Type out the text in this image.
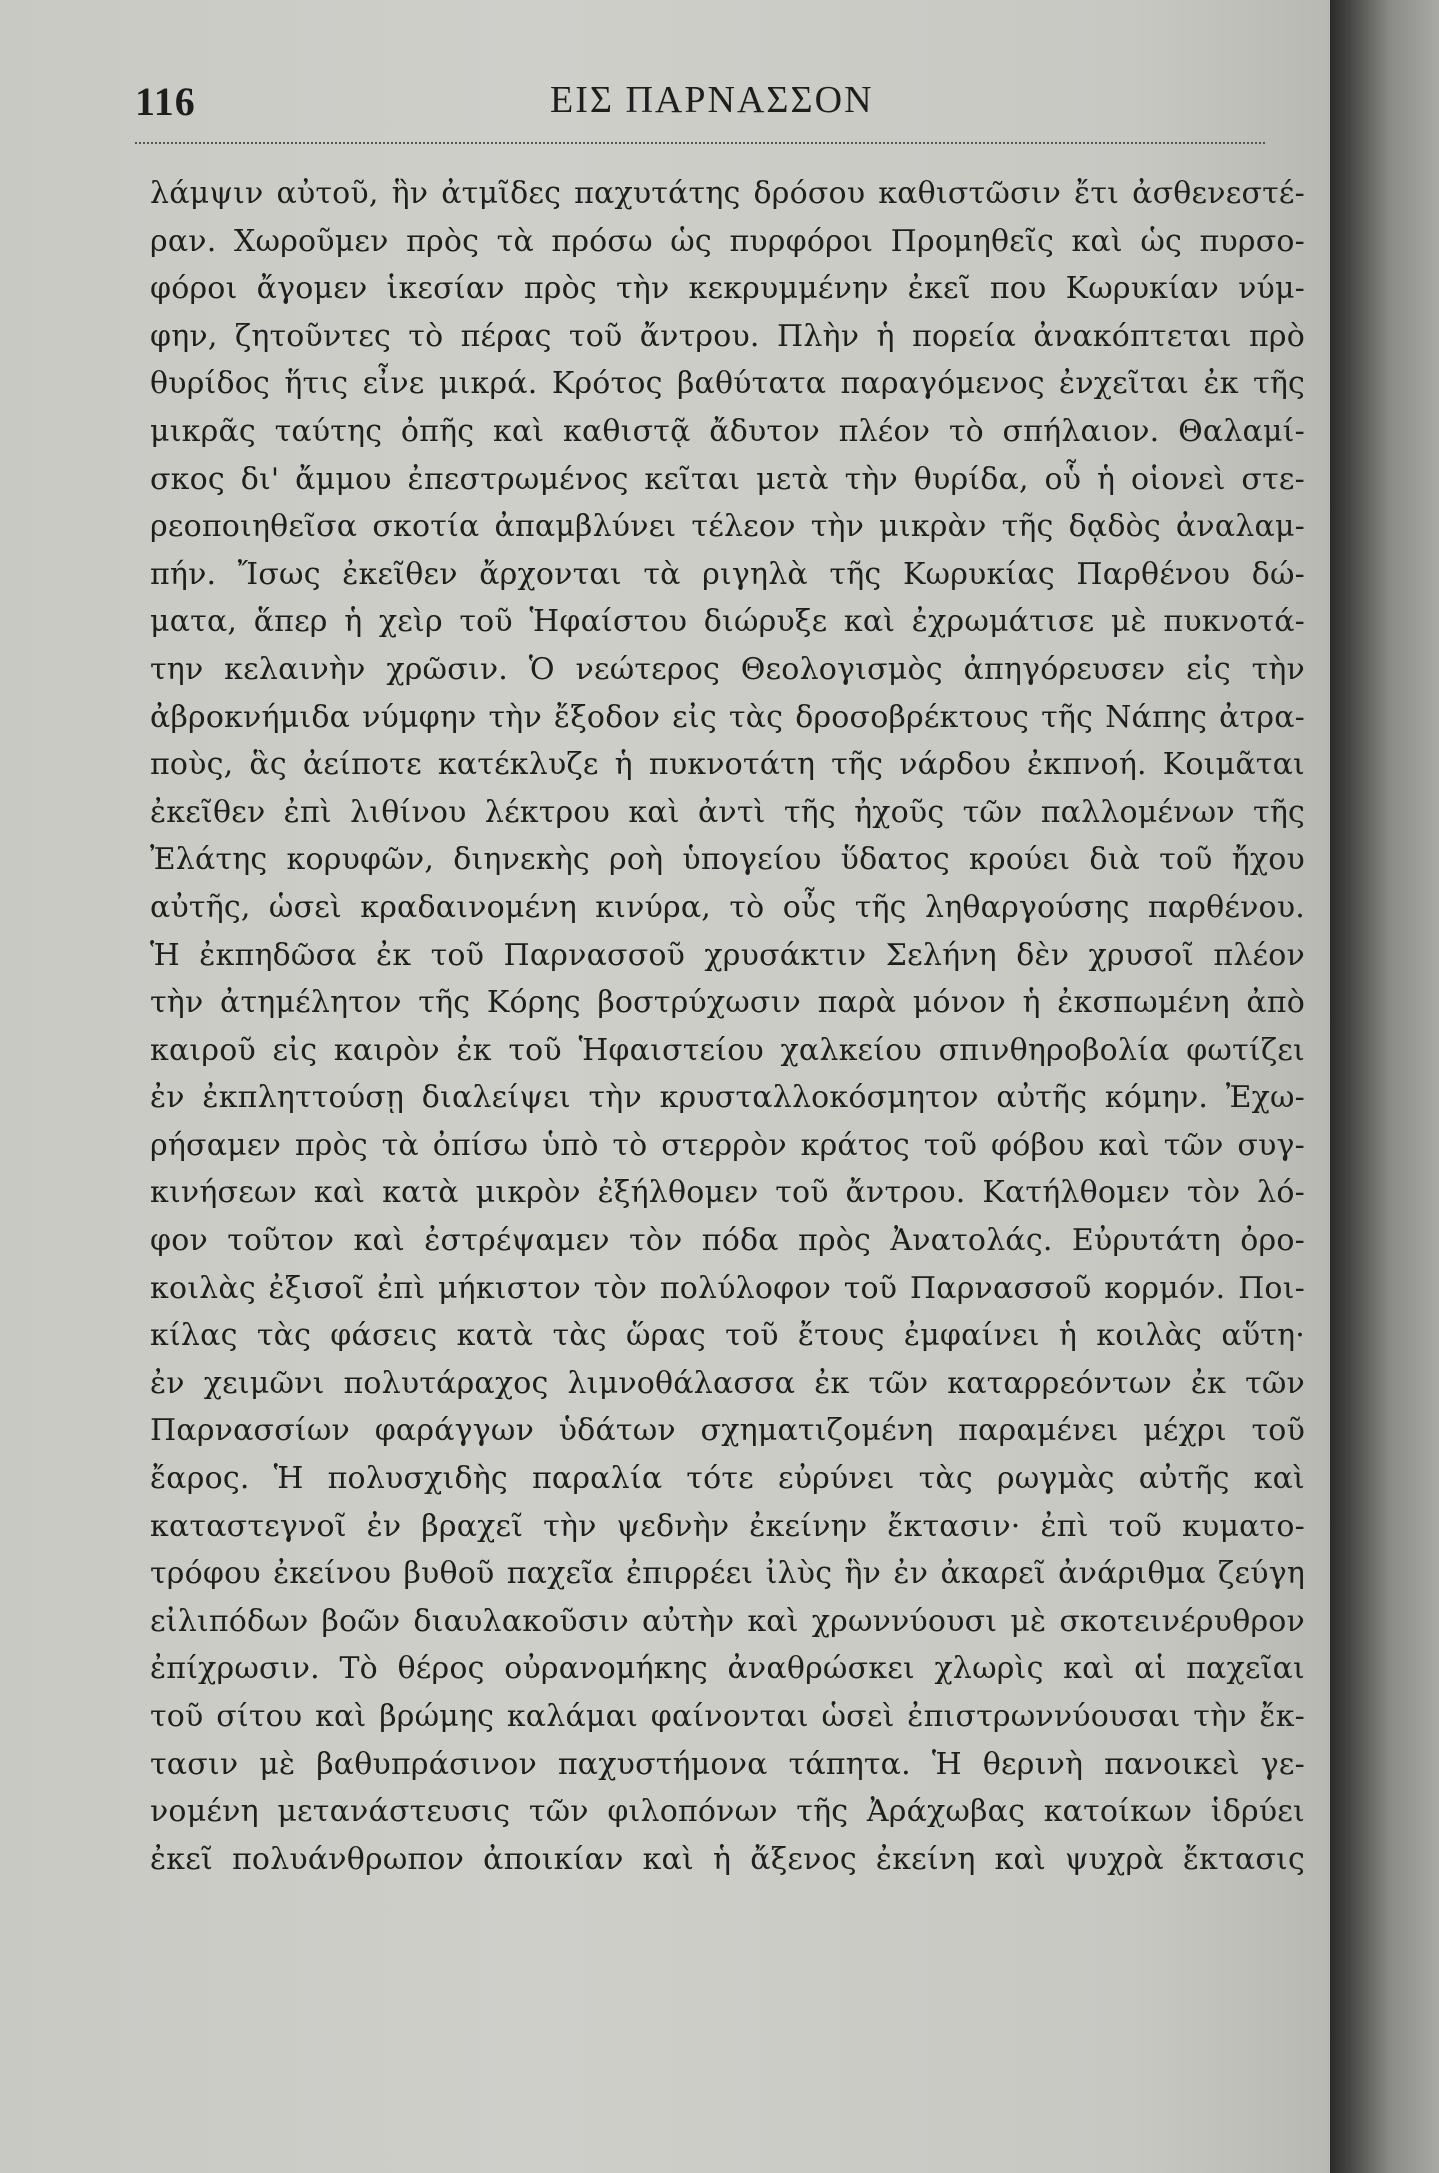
116	ΕΙΣ ΠΑΡΝΑΣΣΟΝ
λάμψιν αὐτοῦ, ἣν ἀτμῖδες παχυτάτης δρόσου καθιστῶσιν ἔτι ἀσθενεστέ-
ραν. Χωροῦμεν πρὸς τὰ πρόσω ὡς πυρφόροι Προμηθεῖς καὶ ὡς πυρσο-
φόροι ἄγομεν ἱκεσίαν πρὸς τὴν κεκρυμμένην ἐκεῖ που Κωρυκίαν νύμ-
φην, ζητοῦντες τὸ πέρας τοῦ ἄντρου. Πλὴν ἡ πορεία ἀνακόπτεται πρὸ
θυρίδος ἥτις εἶνε μικρά. Κρότος βαθύτατα παραγόμενος ἐνχεῖται ἐκ τῆς
μικρᾶς ταύτης ὀπῆς καὶ καθιστᾷ ἄδυτον πλέον τὸ σπήλαιον. Θαλαμί-
σκος δι' ἄμμου ἐπεστρωμένος κεῖται μετὰ τὴν θυρίδα, οὗ ἡ οἱονεὶ στε-
ρεοποιηθεῖσα σκοτία ἀπαμβλύνει τέλεον τὴν μικρὰν τῆς δᾳδὸς ἀναλαμ-
πήν. Ἴσως ἐκεῖθεν ἄρχονται τὰ ριγηλὰ τῆς Κωρυκίας Παρθένου δώ-
ματα, ἅπερ ἡ χεὶρ τοῦ Ἡφαίστου διώρυξε καὶ ἐχρωμάτισε μὲ πυκνοτά-
την κελαινὴν χρῶσιν. Ὁ νεώτερος Θεολογισμὸς ἀπηγόρευσεν εἰς τὴν
ἀβροκνήμιδα νύμφην τὴν ἔξοδον εἰς τὰς δροσοβρέκτους τῆς Νάπης ἀτρα-
ποὺς, ἃς ἀείποτε κατέκλυζε ἡ πυκνοτάτη τῆς νάρδου ἐκπνοή. Κοιμᾶται
ἐκεῖθεν ἐπὶ λιθίνου λέκτρου καὶ ἀντὶ τῆς ἠχοῦς τῶν παλλομένων τῆς
Ἐλάτης κορυφῶν, διηνεκὴς ροὴ ὑπογείου ὕδατος κρούει διὰ τοῦ ἤχου
αὐτῆς, ὡσεὶ κραδαινομένη κινύρα, τὸ οὖς τῆς ληθαργούσης παρθένου.
Ἡ ἐκπηδῶσα ἐκ τοῦ Παρνασσοῦ χρυσάκτιν Σελήνη δὲν χρυσοῖ πλέον
τὴν ἀτημέλητον τῆς Κόρης βοστρύχωσιν παρὰ μόνον ἡ ἐκσπωμένη ἀπὸ
καιροῦ εἰς καιρὸν ἐκ τοῦ Ἡφαιστείου χαλκείου σπινθηροβολία φωτίζει
ἐν ἐκπληττούσῃ διαλείψει τὴν κρυσταλλοκόσμητον αὐτῆς κόμην. Ἐχω-
ρήσαμεν πρὸς τὰ ὀπίσω ὑπὸ τὸ στερρὸν κράτος τοῦ φόβου καὶ τῶν συγ-
κινήσεων καὶ κατὰ μικρὸν ἐξήλθομεν τοῦ ἄντρου. Κατήλθομεν τὸν λό-
φον τοῦτον καὶ ἐστρέψαμεν τὸν πόδα πρὸς Ἀνατολάς. Εὐρυτάτη ὀρο-
κοιλὰς ἐξισοῖ ἐπὶ μήκιστον τὸν πολύλοφον τοῦ Παρνασσοῦ κορμόν. Ποι-
κίλας τὰς φάσεις κατὰ τὰς ὥρας τοῦ ἔτους ἐμφαίνει ἡ κοιλὰς αὕτη·
ἐν χειμῶνι πολυτάραχος λιμνοθάλασσα ἐκ τῶν καταρρεόντων ἐκ τῶν
Παρνασσίων φαράγγων ὑδάτων σχηματιζομένη παραμένει μέχρι τοῦ
ἔαρος. Ἡ πολυσχιδὴς παραλία τότε εὐρύνει τὰς ρωγμὰς αὐτῆς καὶ
καταστεγνοῖ ἐν βραχεῖ τὴν ψεδνὴν ἐκείνην ἔκτασιν· ἐπὶ τοῦ κυματο-
τρόφου ἐκείνου βυθοῦ παχεῖα ἐπιρρέει ἰλὺς ἣν ἐν ἀκαρεῖ ἀνάριθμα ζεύγη
εἰλιπόδων βοῶν διαυλακοῦσιν αὐτὴν καὶ χρωννύουσι μὲ σκοτεινέρυθρον
ἐπίχρωσιν. Τὸ θέρος οὐρανομήκης ἀναθρώσκει χλωρὶς καὶ αἱ παχεῖαι
τοῦ σίτου καὶ βρώμης καλάμαι φαίνονται ὡσεὶ ἐπιστρωννύουσαι τὴν ἔκ-
τασιν μὲ βαθυπράσινον παχυστήμονα τάπητα. Ἡ θερινὴ πανοικεὶ γε-
νομένη μετανάστευσις τῶν φιλοπόνων τῆς Ἀράχωβας κατοίκων ἱδρύει
ἐκεῖ πολυάνθρωπον ἀποικίαν καὶ ἡ ἄξενος ἐκείνη καὶ ψυχρὰ ἔκτασις
